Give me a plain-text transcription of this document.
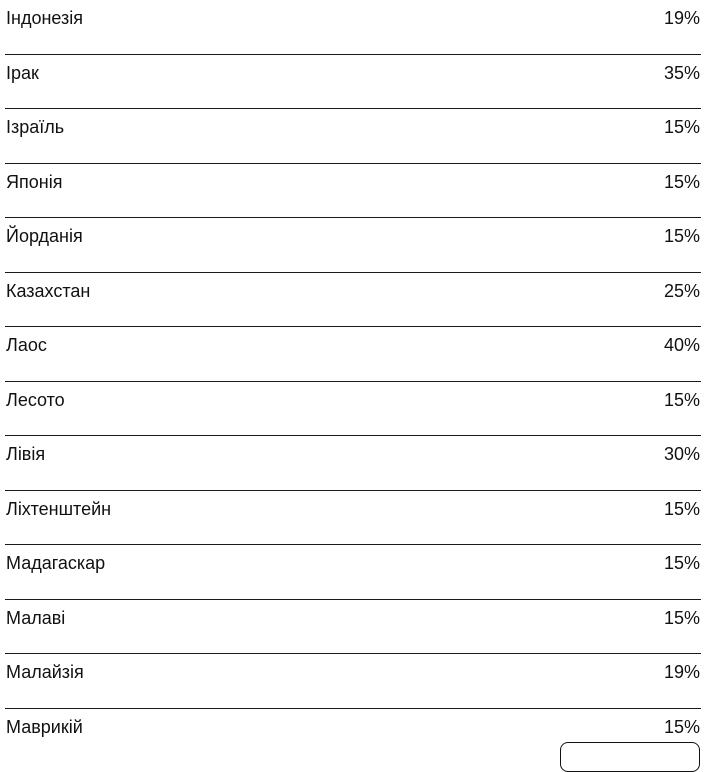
Індонезія	19%
Ірак	35%
Ізраїль	15%
Японія	15%
Йорданія	15%
Казахстан	25%
Лаос	40%
Лесото	15%
Лівія	30%
Ліхтенштейн	15%
Мадагаскар	15%
Малаві	15%
Малайзія	19%
Маврикій	15%
